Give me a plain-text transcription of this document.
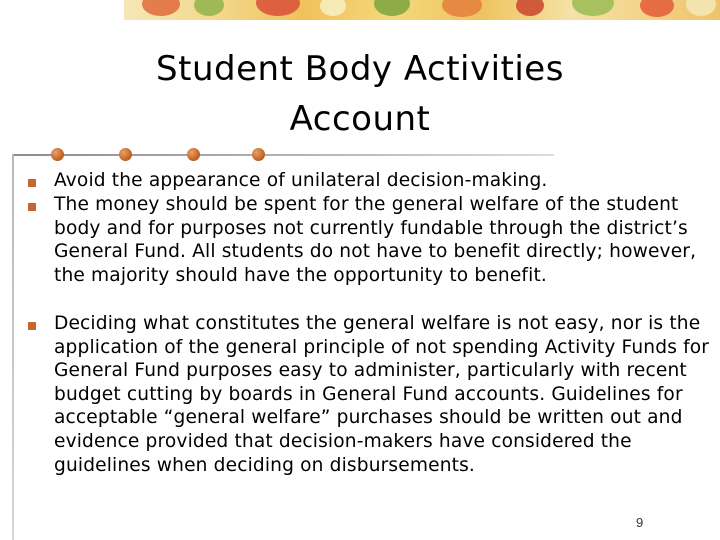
Student Body Activities
Account

Avoid the appearance of unilateral decision-making.

The money should be spent for the general welfare of the student body and for purposes not currently fundable through the district’s General Fund. All students do not have to benefit directly; however, the majority should have the opportunity to benefit.

Deciding what constitutes the general welfare is not easy, nor is the application of the general principle of not spending Activity Funds for General Fund purposes easy to administer, particularly with recent budget cutting by boards in General Fund accounts. Guidelines for acceptable “general welfare” purchases should be written out and evidence provided that decision-makers have considered the guidelines when deciding on disbursements.

9
